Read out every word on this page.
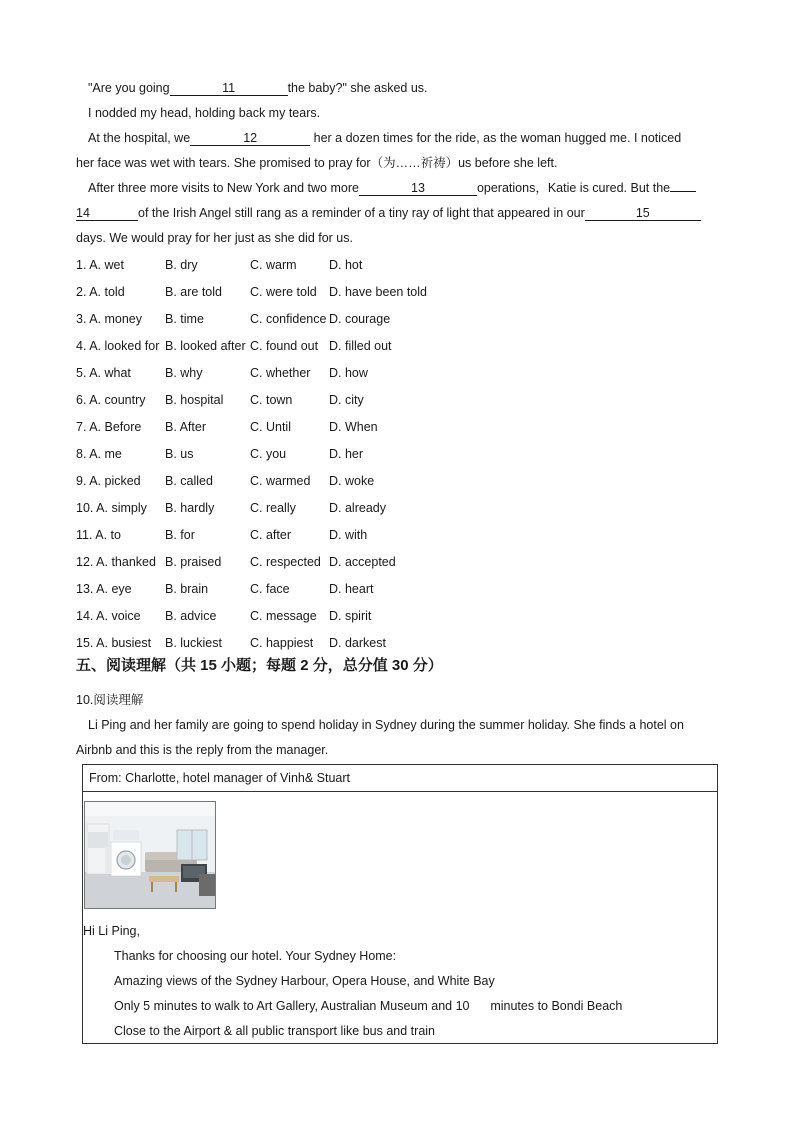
"Are you going	11	the baby?" she asked us.
I nodded my head, holding back my tears.
At the hospital, we	12	her a dozen times for the ride, as the woman hugged me. I noticed
her face was wet with tears. She promised to pray for（为……祈祷）us before she left.
After three more visits to New York and two more	13	operations，Katie is cured. But the
14	of the Irish Angel still rang as a reminder of a tiny ray of light that appeared in our	15
days. We would pray for her just as she did for us.
1. A. wet	B. dry	C. warm	D. hot
2. A. told	B. are told C. were told D. have been told
3. A. money B. time	C. confidence D. courage
4. A. looked for B. looked after C. found out D. filled out
5. A. what	B. why	C. whether D. how
6. A. country B. hospital C. town	D. city
7. A. Before B. After	C. Until	D. When
8. A. me	B. us	C. you	D. her
9. A. picked B. called	C. warmed D. woke
10. A. simply B. hardly	C. really	D. already
11. A. to	B. for	C. after	D. with
12. A. thanked B. praised C. respected D. accepted
13. A. eye	B. brain	C. face	D. heart
14. A. voice B. advice	C. message D. spirit
15. A. busiest B. luckiest C. happiest D. darkest
五、阅读理解（共 15 小题；每题 2 分，总分值 30 分）
10.阅读理解
Li Ping and her family are going to spend holiday in Sydney during the summer holiday. She finds a hotel on
Airbnb and this is the reply from the manager.
From: Charlotte, hotel manager of Vinh& Stuart
Hi Li Ping,
Thanks for choosing our hotel. Your Sydney Home:
Amazing views of the Sydney Harbour, Opera House, and White Bay
Only 5 minutes to walk to Art Gallery, Australian Museum and 10      minutes to Bondi Beach
Close to the Airport & all public transport like bus and train
